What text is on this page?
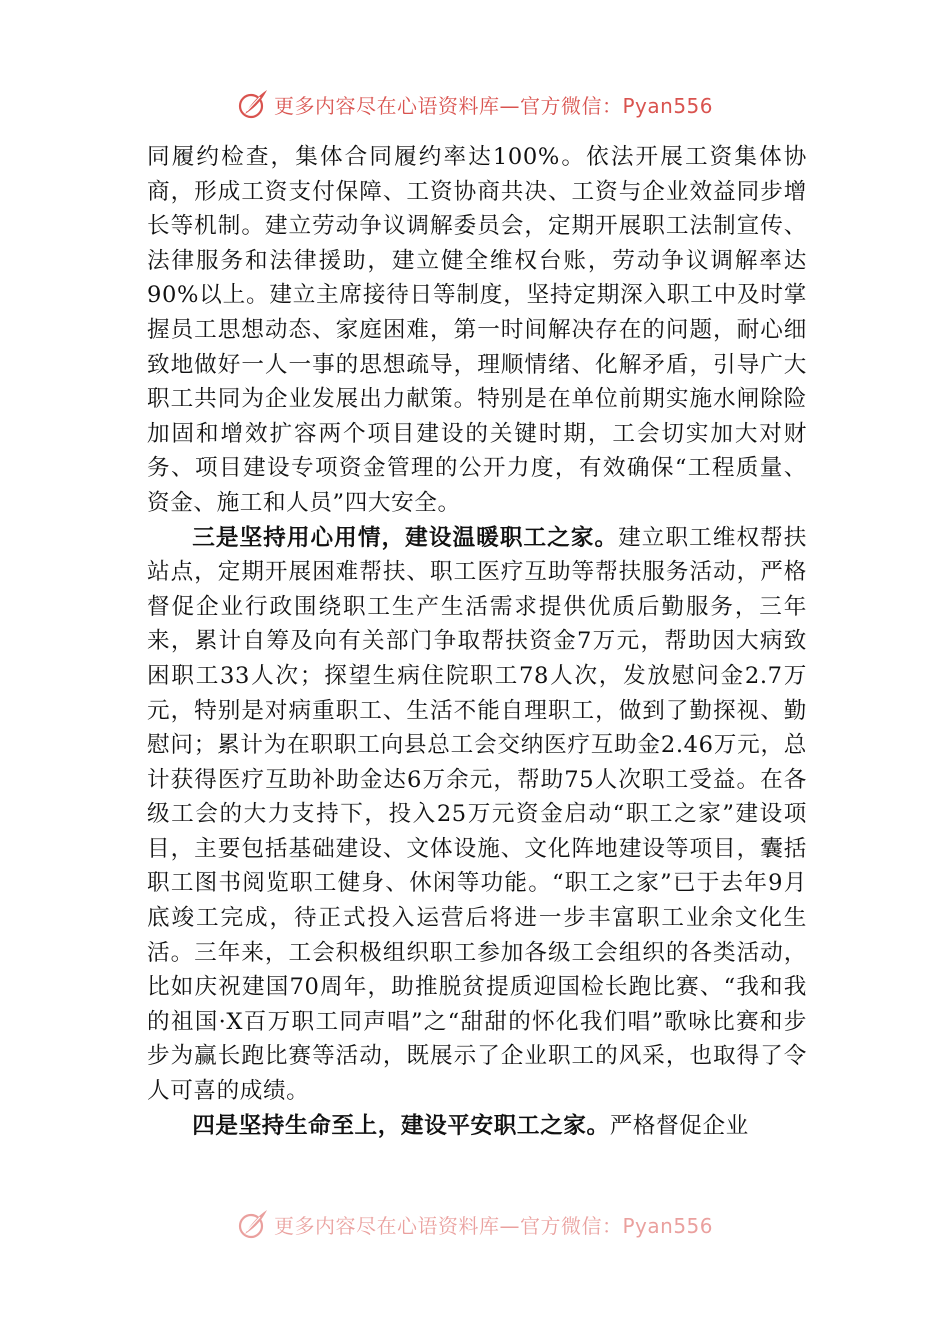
更多内容尽在心语资料库—官方微信：Pyan556

同履约检查，集体合同履约率达100%。依法开展工资集体协商，形成工资支付保障、工资协商共决、工资与企业效益同步增长等机制。建立劳动争议调解委员会，定期开展职工法制宣传、法律服务和法律援助，建立健全维权台账，劳动争议调解率达90%以上。建立主席接待日等制度，坚持定期深入职工中及时掌握员工思想动态、家庭困难，第一时间解决存在的问题，耐心细致地做好一人一事的思想疏导，理顺情绪、化解矛盾，引导广大职工共同为企业发展出力献策。特别是在单位前期实施水闸除险加固和增效扩容两个项目建设的关键时期，工会切实加大对财务、项目建设专项资金管理的公开力度，有效确保“工程质量、资金、施工和人员”四大安全。

三是坚持用心用情，建设温暖职工之家。建立职工维权帮扶站点，定期开展困难帮扶、职工医疗互助等帮扶服务活动，严格督促企业行政围绕职工生产生活需求提供优质后勤服务，三年来，累计自筹及向有关部门争取帮扶资金7万元，帮助因大病致困职工33人次；探望生病住院职工78人次，发放慰问金2.7万元，特别是对病重职工、生活不能自理职工，做到了勤探视、勤慰问；累计为在职职工向县总工会交纳医疗互助金2.46万元，总计获得医疗互助补助金达6万余元，帮助75人次职工受益。在各级工会的大力支持下，投入25万元资金启动“职工之家”建设项目，主要包括基础建设、文体设施、文化阵地建设等项目，囊括职工图书阅览职工健身、休闲等功能。“职工之家”已于去年9月底竣工完成，待正式投入运营后将进一步丰富职工业余文化生活。三年来，工会积极组织职工参加各级工会组织的各类活动，比如庆祝建国70周年，助推脱贫提质迎国检长跑比赛、“我和我的祖国·X百万职工同声唱”之“甜甜的怀化我们唱”歌咏比赛和步步为赢长跑比赛等活动，既展示了企业职工的风采，也取得了令人可喜的成绩。

四是坚持生命至上，建设平安职工之家。严格督促企业

更多内容尽在心语资料库—官方微信：Pyan556
